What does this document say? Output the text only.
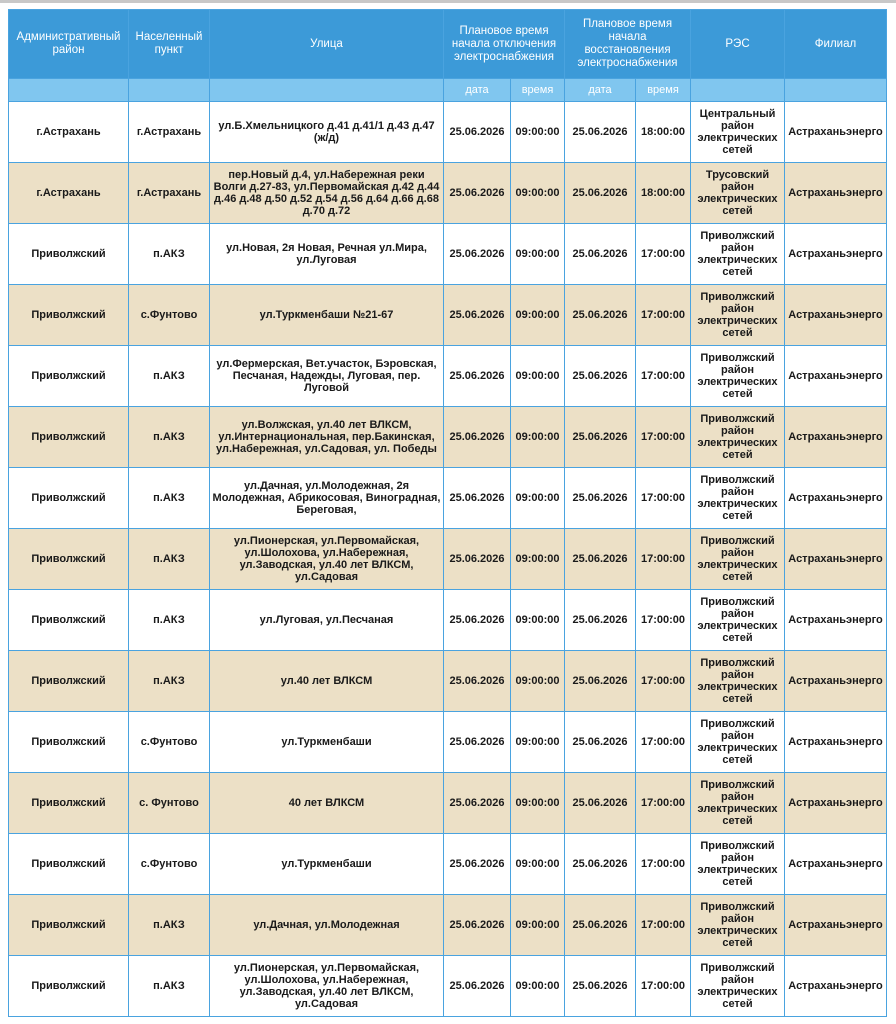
Административный район	Населенный пункт	Улица	Плановое время начала отключения электроснабжения		Плановое время начала восстановления электроснабжения		РЭС	Филиал
			дата	время	дата	время		
г.Астрахань	г.Астрахань	ул.Б.Хмельницкого д.41 д.41/1 д.43 д.47 (ж/д)	25.06.2026	09:00:00	25.06.2026	18:00:00	Центральный район электрических сетей	Астраханьэнерго
г.Астрахань	г.Астрахань	пер.Новый д.4, ул.Набережная реки Волги д.27-83, ул.Первомайская д.42 д.44 д.46 д.48 д.50 д.52 д.54 д.56 д.64 д.66 д.68 д.70 д.72	25.06.2026	09:00:00	25.06.2026	18:00:00	Трусовский район электрических сетей	Астраханьэнерго
Приволжский	п.АКЗ	ул.Новая, 2я Новая, Речная ул.Мира, ул.Луговая	25.06.2026	09:00:00	25.06.2026	17:00:00	Приволжский район электрических сетей	Астраханьэнерго
Приволжский	с.Фунтово	ул.Туркменбаши №21-67	25.06.2026	09:00:00	25.06.2026	17:00:00	Приволжский район электрических сетей	Астраханьэнерго
Приволжский	п.АКЗ	ул.Фермерская, Вет.участок, Бэровская, Песчаная, Надежды, Луговая, пер. Луговой	25.06.2026	09:00:00	25.06.2026	17:00:00	Приволжский район электрических сетей	Астраханьэнерго
Приволжский	п.АКЗ	ул.Волжская, ул.40 лет ВЛКСМ, ул.Интернациональная, пер.Бакинская, ул.Набережная, ул.Садовая, ул. Победы	25.06.2026	09:00:00	25.06.2026	17:00:00	Приволжский район электрических сетей	Астраханьэнерго
Приволжский	п.АКЗ	ул.Дачная, ул.Молодежная, 2я Молодежная, Абрикосовая, Виноградная, Береговая,	25.06.2026	09:00:00	25.06.2026	17:00:00	Приволжский район электрических сетей	Астраханьэнерго
Приволжский	п.АКЗ	ул.Пионерская, ул.Первомайская, ул.Шолохова, ул.Набережная, ул.Заводская, ул.40 лет ВЛКСМ, ул.Садовая	25.06.2026	09:00:00	25.06.2026	17:00:00	Приволжский район электрических сетей	Астраханьэнерго
Приволжский	п.АКЗ	ул.Луговая, ул.Песчаная	25.06.2026	09:00:00	25.06.2026	17:00:00	Приволжский район электрических сетей	Астраханьэнерго
Приволжский	п.АКЗ	ул.40 лет ВЛКСМ	25.06.2026	09:00:00	25.06.2026	17:00:00	Приволжский район электрических сетей	Астраханьэнерго
Приволжский	с.Фунтово	ул.Туркменбаши	25.06.2026	09:00:00	25.06.2026	17:00:00	Приволжский район электрических сетей	Астраханьэнерго
Приволжский	с. Фунтово	40 лет ВЛКСМ	25.06.2026	09:00:00	25.06.2026	17:00:00	Приволжский район электрических сетей	Астраханьэнерго
Приволжский	с.Фунтово	ул.Туркменбаши	25.06.2026	09:00:00	25.06.2026	17:00:00	Приволжский район электрических сетей	Астраханьэнерго
Приволжский	п.АКЗ	ул.Дачная, ул.Молодежная	25.06.2026	09:00:00	25.06.2026	17:00:00	Приволжский район электрических сетей	Астраханьэнерго
Приволжский	п.АКЗ	ул.Пионерская, ул.Первомайская, ул.Шолохова, ул.Набережная, ул.Заводская, ул.40 лет ВЛКСМ, ул.Садовая	25.06.2026	09:00:00	25.06.2026	17:00:00	Приволжский район электрических сетей	Астраханьэнерго
